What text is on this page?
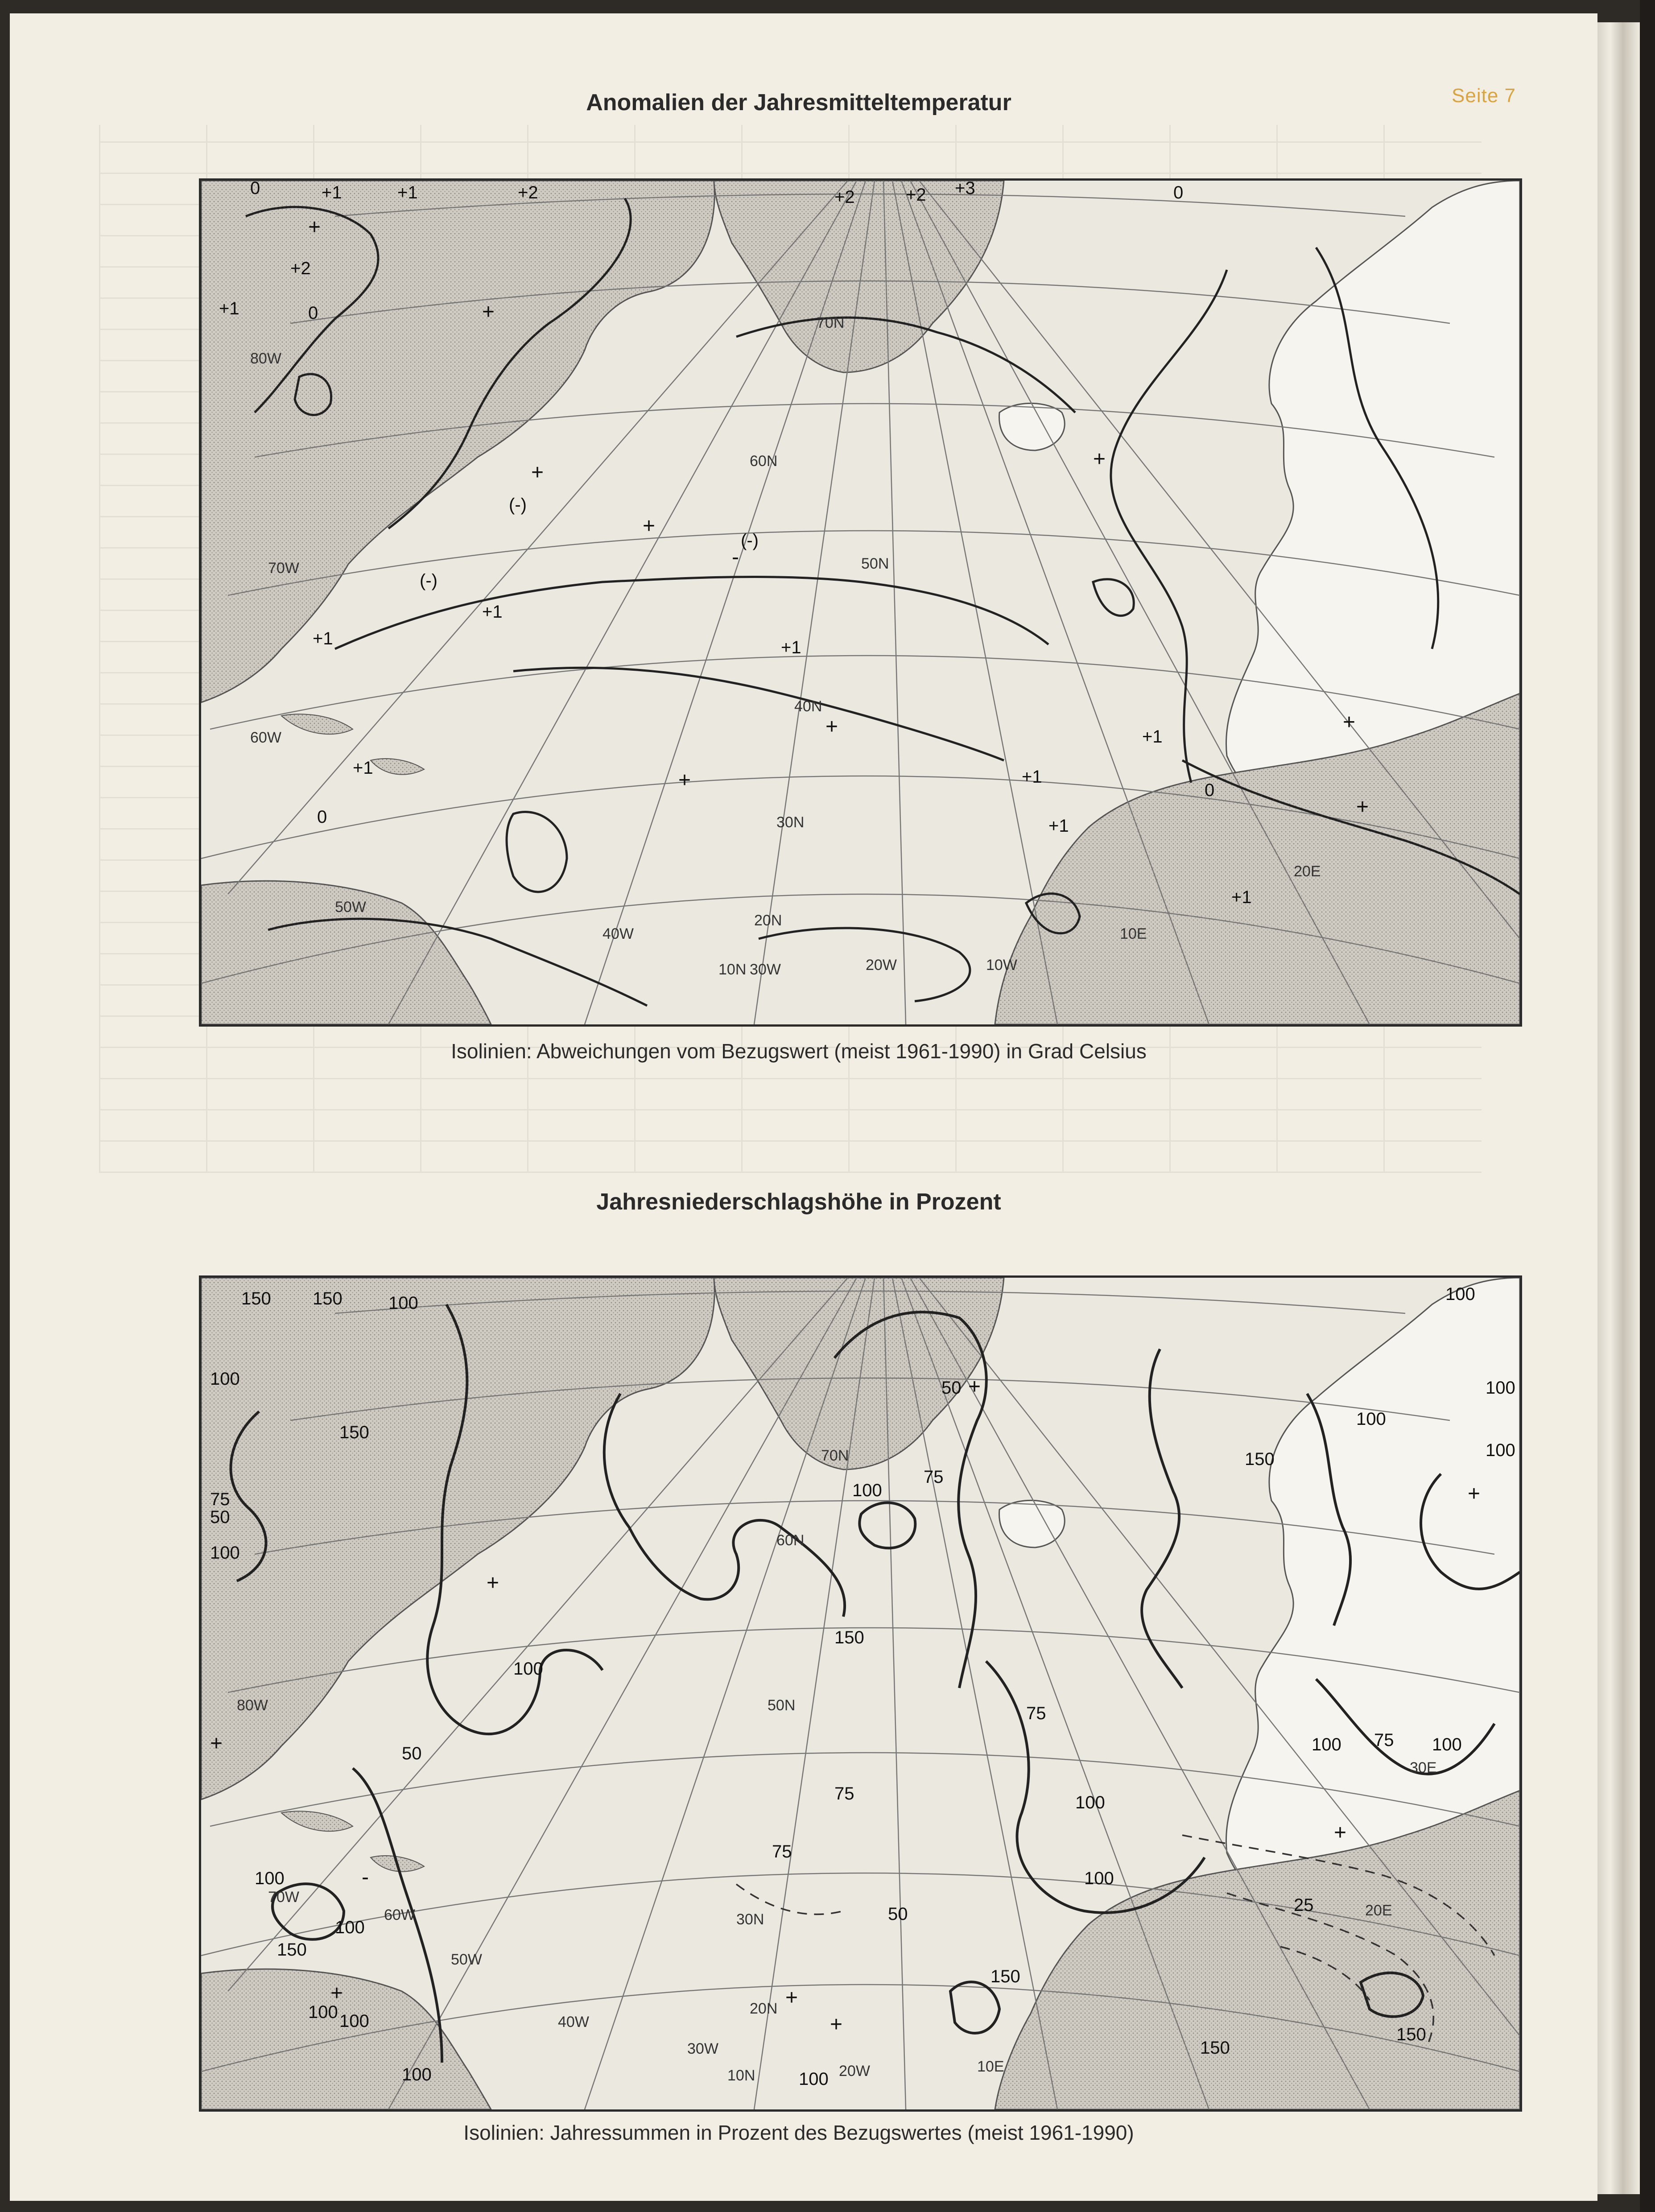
Seite 7
Anomalien der Jahresmitteltemperatur
70N
60N
50N
40N
30N
20N
10N
80W
70W
60W
50W
40W
30W	20W	10W
10E
20E
0	+1	+1	+2	+2	+3
+2	0
+1	0
+2
(-)
(-)
(-)
+1
+1
+1
0
+1
+1
+1
+1
+1
0
+
+
+
+
-
+
+
+
+
+
Isolinien: Abweichungen vom Bezugswert (meist 1961-1990) in Grad Celsius
Jahresniederschlagshöhe in Prozent
70N
60N
50N
30N
20N
10N
80W
70W
60W
50W
40W
30W
20W	10E
20E
30E
150 150	100
100
150
75
50
100
100
150
100
100
100
50
150
100
75
100
100
100
75
75
50
150
25
150
150
100
100
150
100
100 100
100
50
75
100	100
75
+
+
+
+
+
-
+	+
+
Isolinien: Jahressummen in Prozent des Bezugswertes (meist 1961-1990)
